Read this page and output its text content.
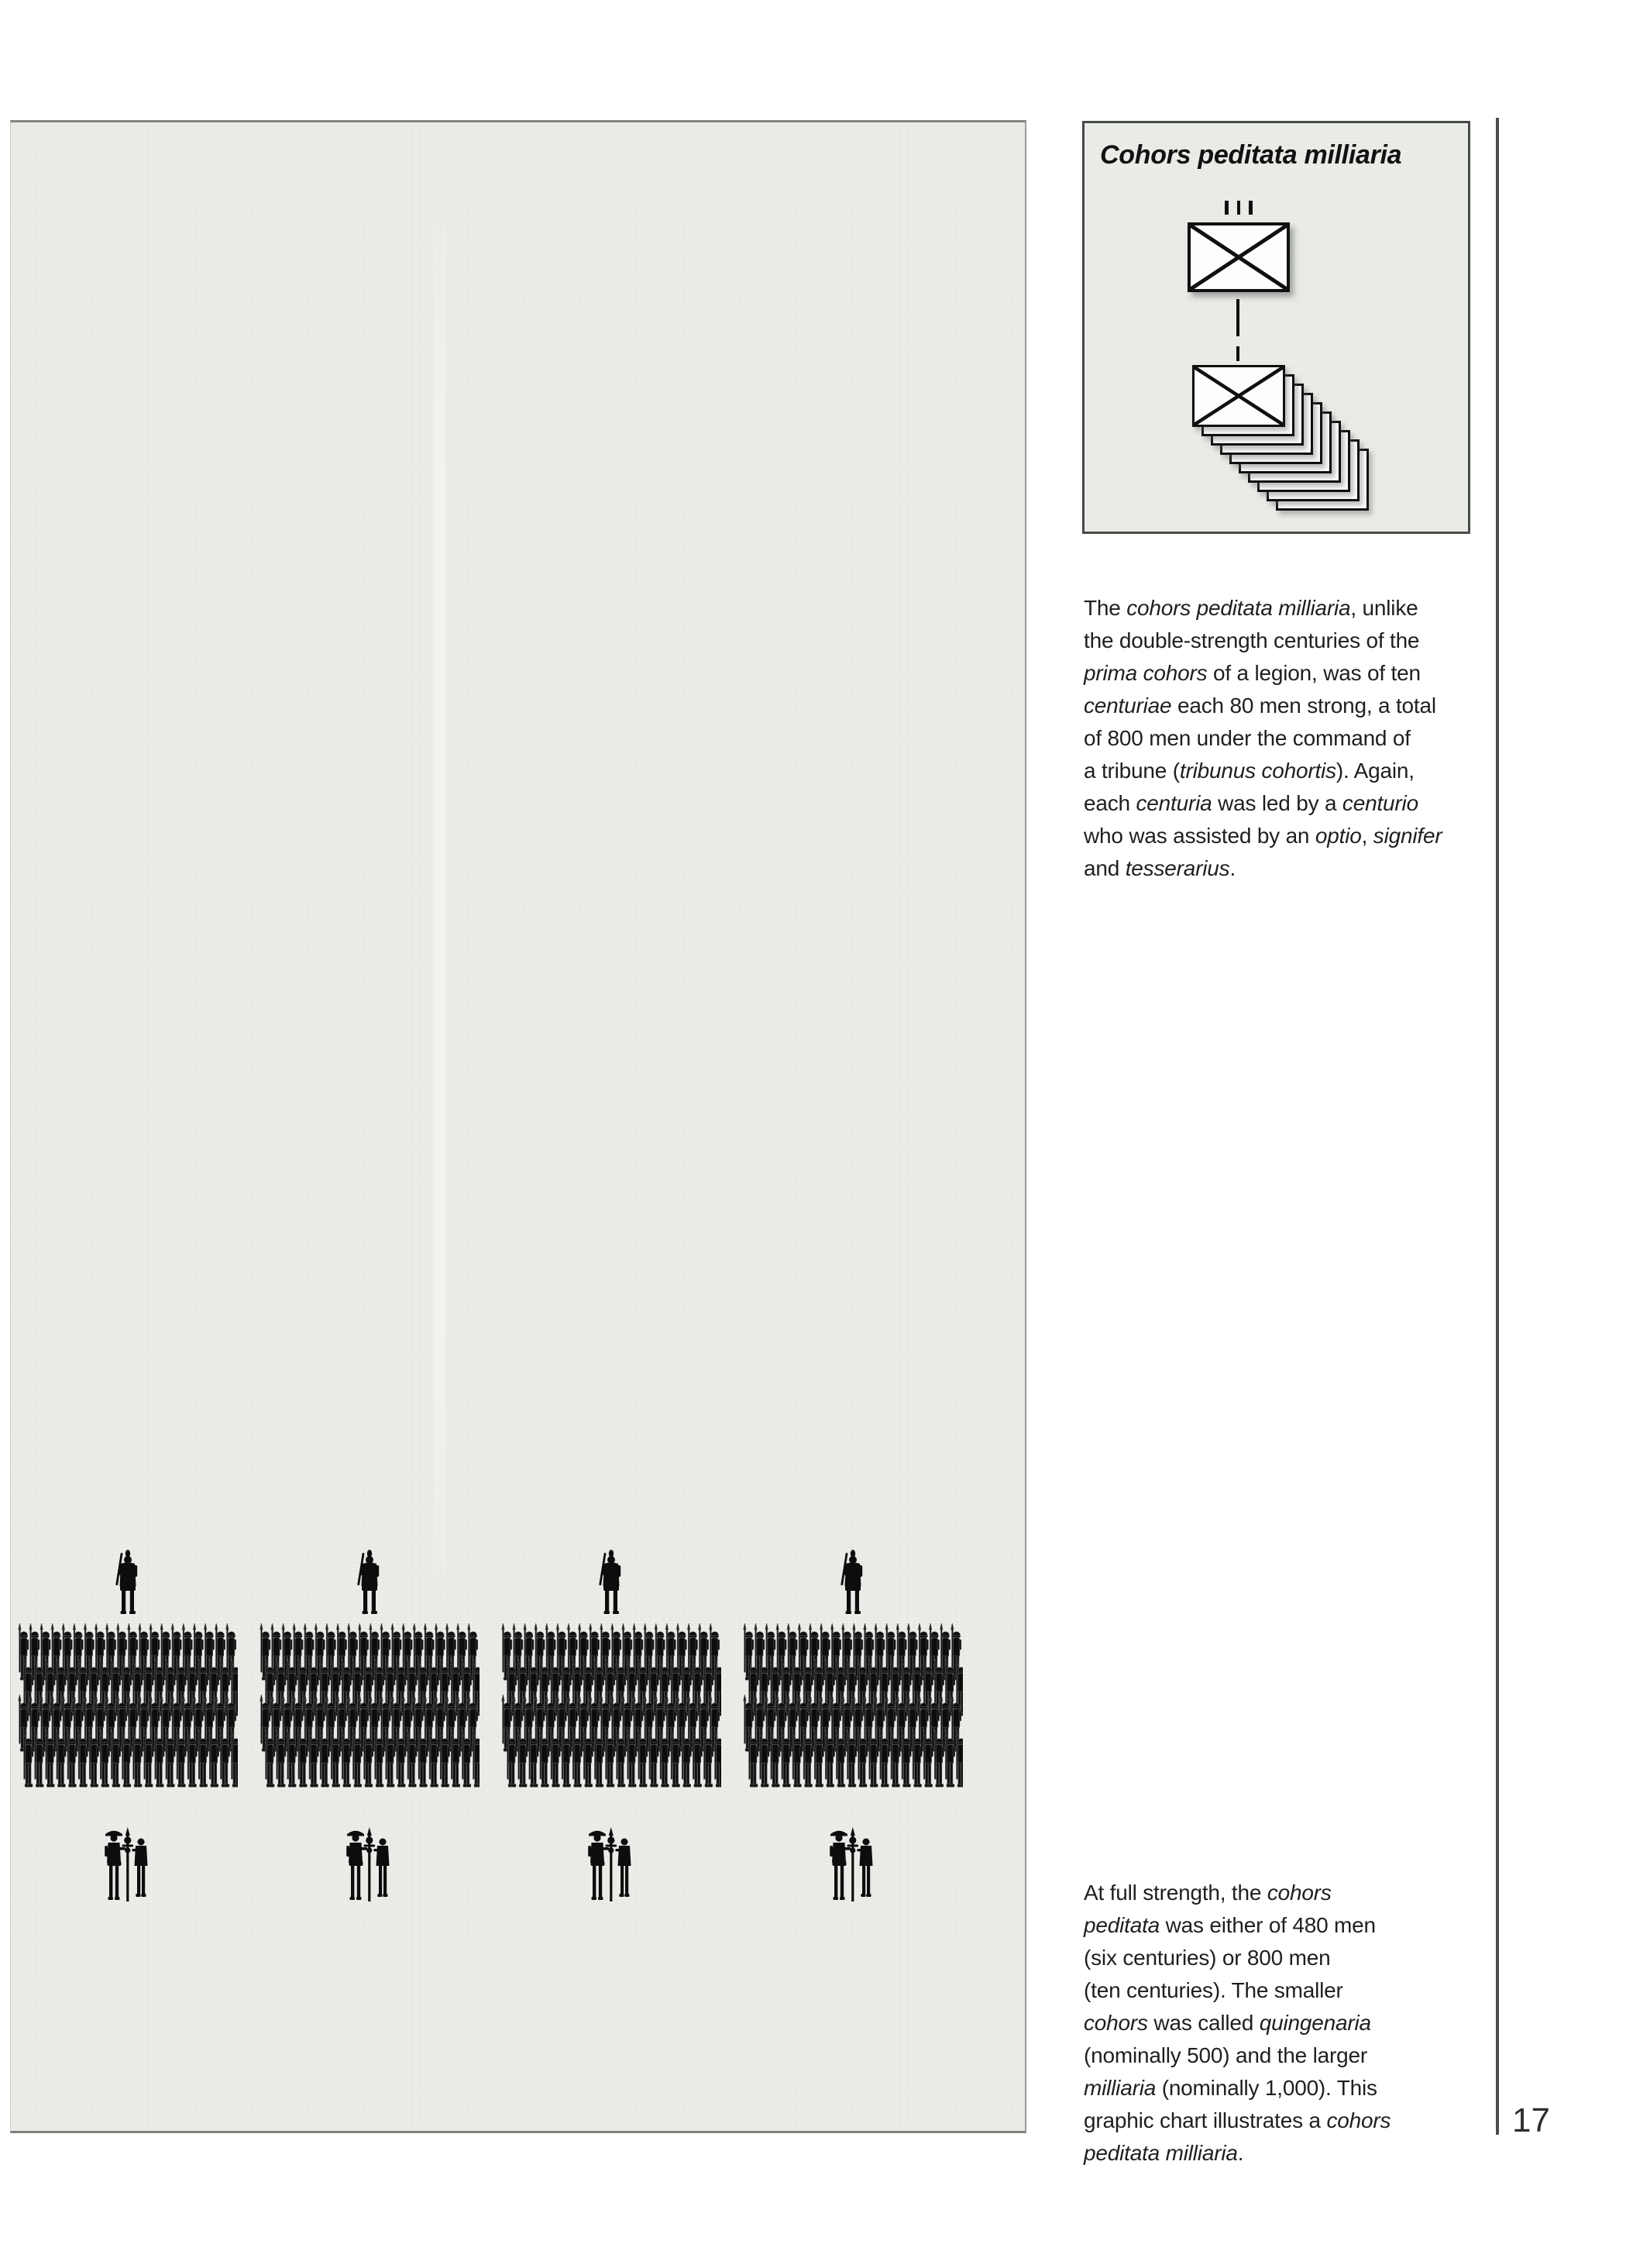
Cohors peditata milliaria
The cohors peditata milliaria, unlike
the double-strength centuries of the
prima cohors of a legion, was of ten
centuriae each 80 men strong, a total
of 800 men under the command of
a tribune (tribunus cohortis). Again,
each centuria was led by a centurio
who was assisted by an optio, signifer
and tesserarius.
At full strength, the cohors
peditata was either of 480 men
(six centuries) or 800 men
(ten centuries). The smaller
cohors was called quingenaria
(nominally 500) and the larger
milliaria (nominally 1,000). This
graphic chart illustrates a cohors
peditata milliaria.
17
